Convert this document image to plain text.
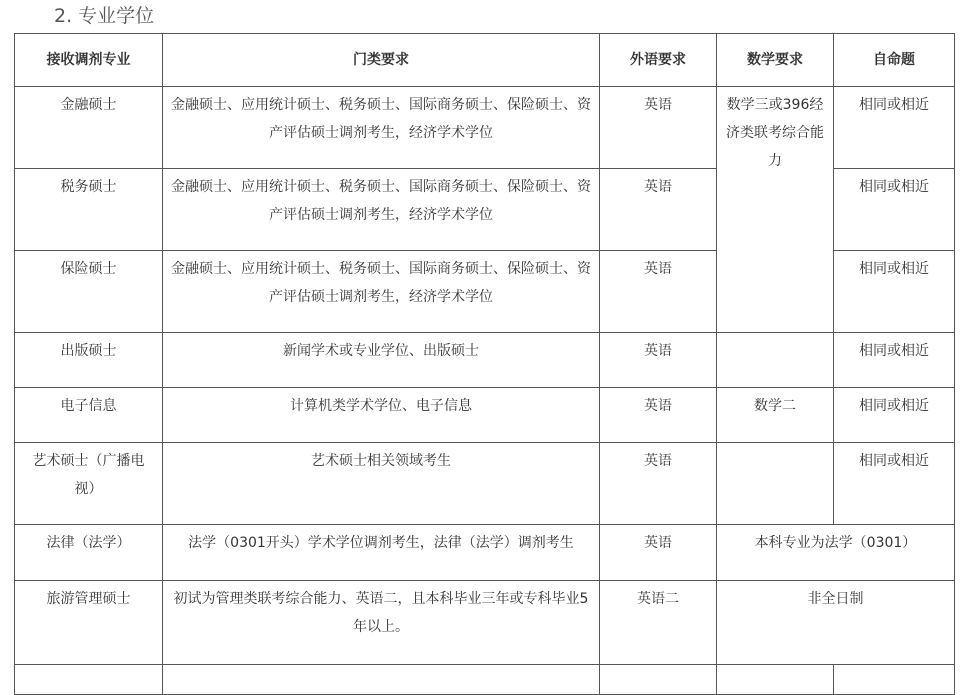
2. 专业学位
接收调剂专业	门类要求	外语要求	数学要求	自命题
金融硕士	金融硕士、应用统计硕士、税务硕士、国际商务硕士、保险硕士、资产评估硕士调剂考生，经济学术学位	英语	数学三或396经济类联考综合能力	相同或相近
税务硕士	金融硕士、应用统计硕士、税务硕士、国际商务硕士、保险硕士、资产评估硕士调剂考生，经济学术学位	英语		相同或相近
保险硕士	金融硕士、应用统计硕士、税务硕士、国际商务硕士、保险硕士、资产评估硕士调剂考生，经济学术学位	英语		相同或相近
出版硕士	新闻学术或专业学位、出版硕士	英语		相同或相近
电子信息	计算机类学术学位、电子信息	英语	数学二	相同或相近
艺术硕士（广播电视）	艺术硕士相关领域考生	英语		相同或相近
法律（法学）	法学（0301开头）学术学位调剂考生，法律（法学）调剂考生	英语	本科专业为法学（0301）	
旅游管理硕士	初试为管理类联考综合能力、英语二，且本科毕业三年或专科毕业5年以上。	英语二	非全日制	
